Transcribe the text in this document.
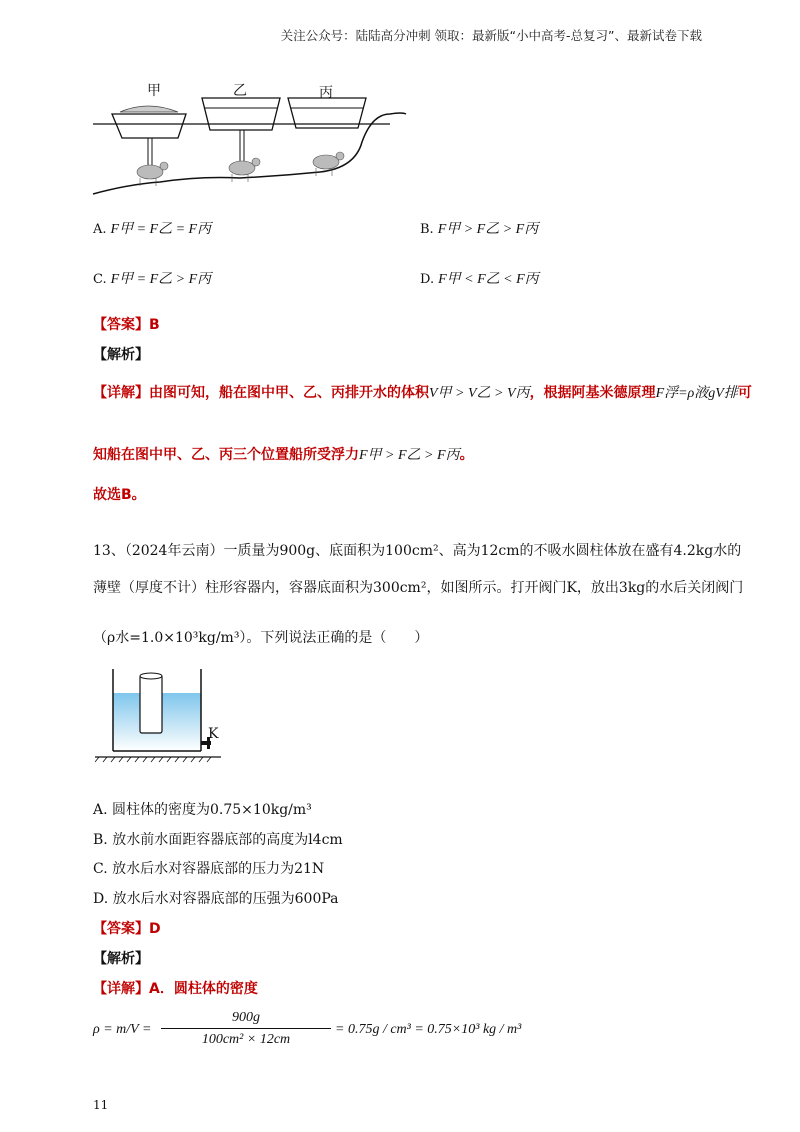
关注公众号：陆陆高分冲刺 领取：最新版“小中高考-总复习”、最新试卷下载
甲	乙	丙
A. F甲 = F乙 = F丙	B. F甲 > F乙 > F丙
C. F甲 = F乙 > F丙	D. F甲 < F乙 < F丙
【答案】B
【解析】
【详解】由图可知，船在图中甲、乙、丙排开水的体积V甲 > V乙 > V丙，根据阿基米德原理F浮=ρ液gV排可
知船在图中甲、乙、丙三个位置船所受浮力F甲 > F乙 > F丙。
故选B。
13、（2024年云南）一质量为900g、底面积为100cm²、高为12cm的不吸水圆柱体放在盛有4.2kg水的
薄壁（厚度不计）柱形容器内，容器底面积为300cm²，如图所示。打开阀门K，放出3kg的水后关闭阀门
（ρ水=1.0×10³kg/m³）。下列说法正确的是（　　）
K
A. 圆柱体的密度为0.75×10kg/m³
B. 放水前水面距容器底部的高度为l4cm
C. 放水后水对容器底部的压力为21N
D. 放水后水对容器底部的压强为600Pa
【答案】D
【解析】
【详解】A．圆柱体的密度
ρ = m/V =
900g
100cm² × 12cm
= 0.75g / cm³ = 0.75×10³ kg / m³
11
